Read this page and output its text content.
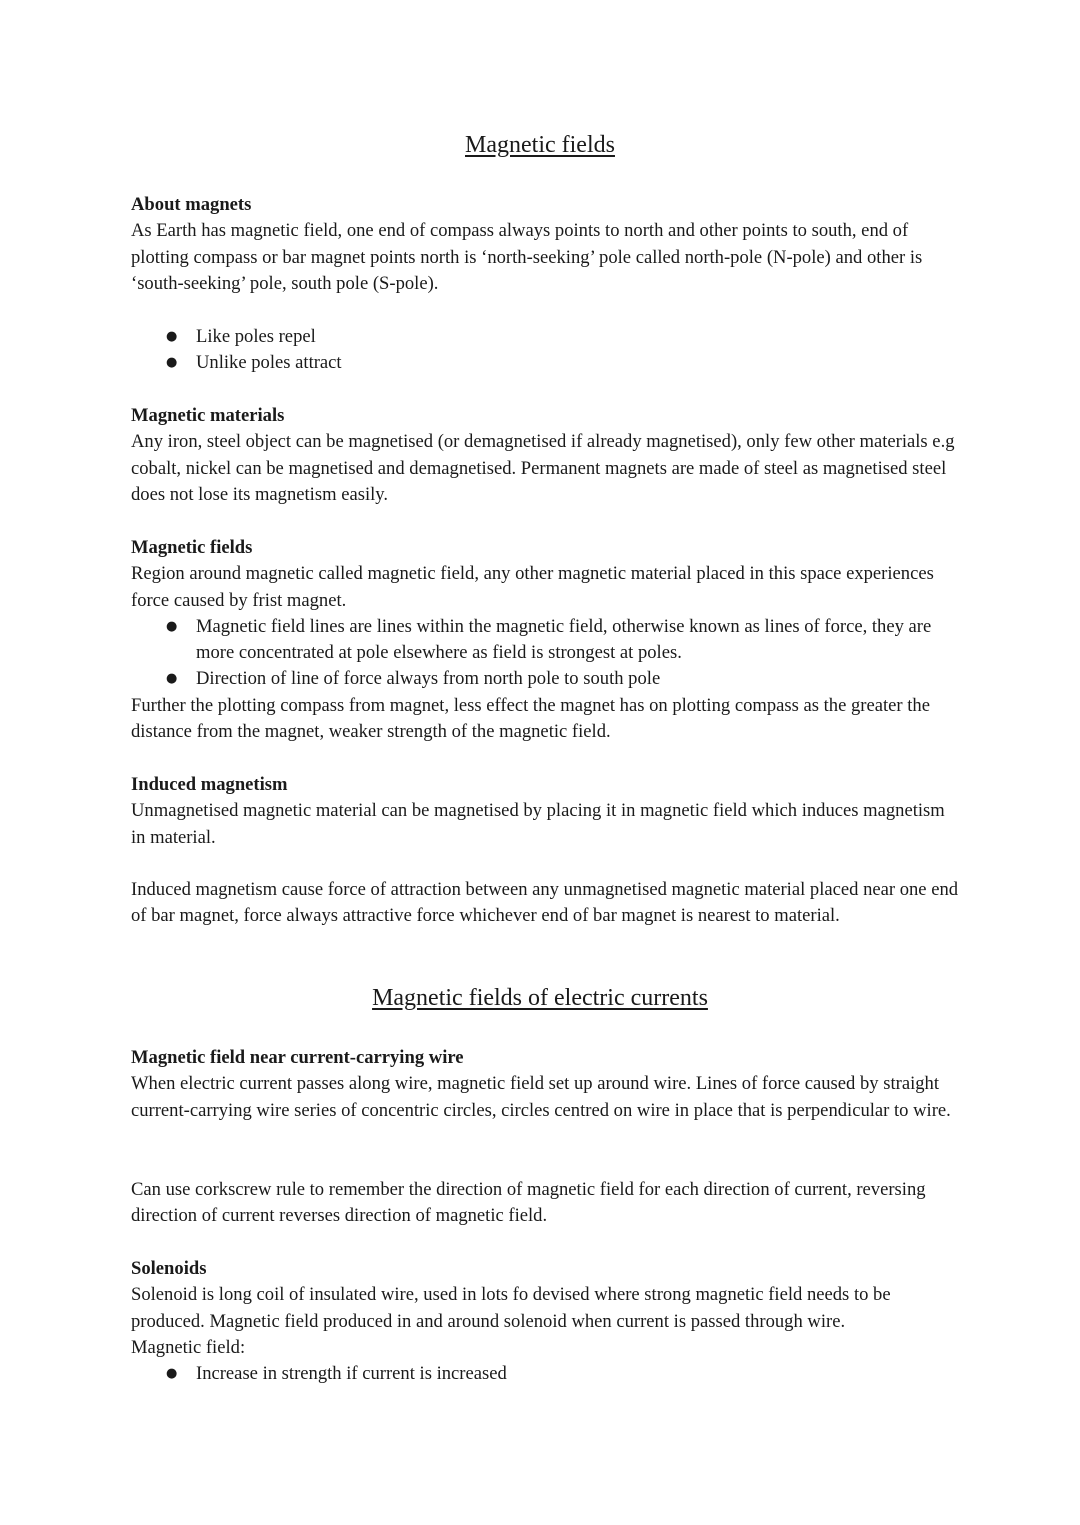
Magnetic fields

About magnets

As Earth has magnetic field, one end of compass always points to north and other points to south, end of plotting compass or bar magnet points north is ‘north-seeking’ pole called north-pole (N-pole) and other is ‘south-seeking’ pole, south pole (S-pole).

● Like poles repel
● Unlike poles attract

Magnetic materials

Any iron, steel object can be magnetised (or demagnetised if already magnetised), only few other materials e.g cobalt, nickel can be magnetised and demagnetised. Permanent magnets are made of steel as magnetised steel does not lose its magnetism easily.

Magnetic fields

Region around magnetic called magnetic field, any other magnetic material placed in this space experiences force caused by frist magnet.

● Magnetic field lines are lines within the magnetic field, otherwise known as lines of force, they are more concentrated at pole elsewhere as field is strongest at poles.
● Direction of line of force always from north pole to south pole

Further the plotting compass from magnet, less effect the magnet has on plotting compass as the greater the distance from the magnet, weaker strength of the magnetic field.

Induced magnetism

Unmagnetised magnetic material can be magnetised by placing it in magnetic field which induces magnetism in material.

Induced magnetism cause force of attraction between any unmagnetised magnetic material placed near one end of bar magnet, force always attractive force whichever end of bar magnet is nearest to material.

Magnetic fields of electric currents

Magnetic field near current-carrying wire

When electric current passes along wire, magnetic field set up around wire. Lines of force caused by straight current-carrying wire series of concentric circles, circles centred on wire in place that is perpendicular to wire.

Can use corkscrew rule to remember the direction of magnetic field for each direction of current, reversing direction of current reverses direction of magnetic field.

Solenoids

Solenoid is long coil of insulated wire, used in lots fo devised where strong magnetic field needs to be produced. Magnetic field produced in and around solenoid when current is passed through wire.

Magnetic field:

● Increase in strength if current is increased
